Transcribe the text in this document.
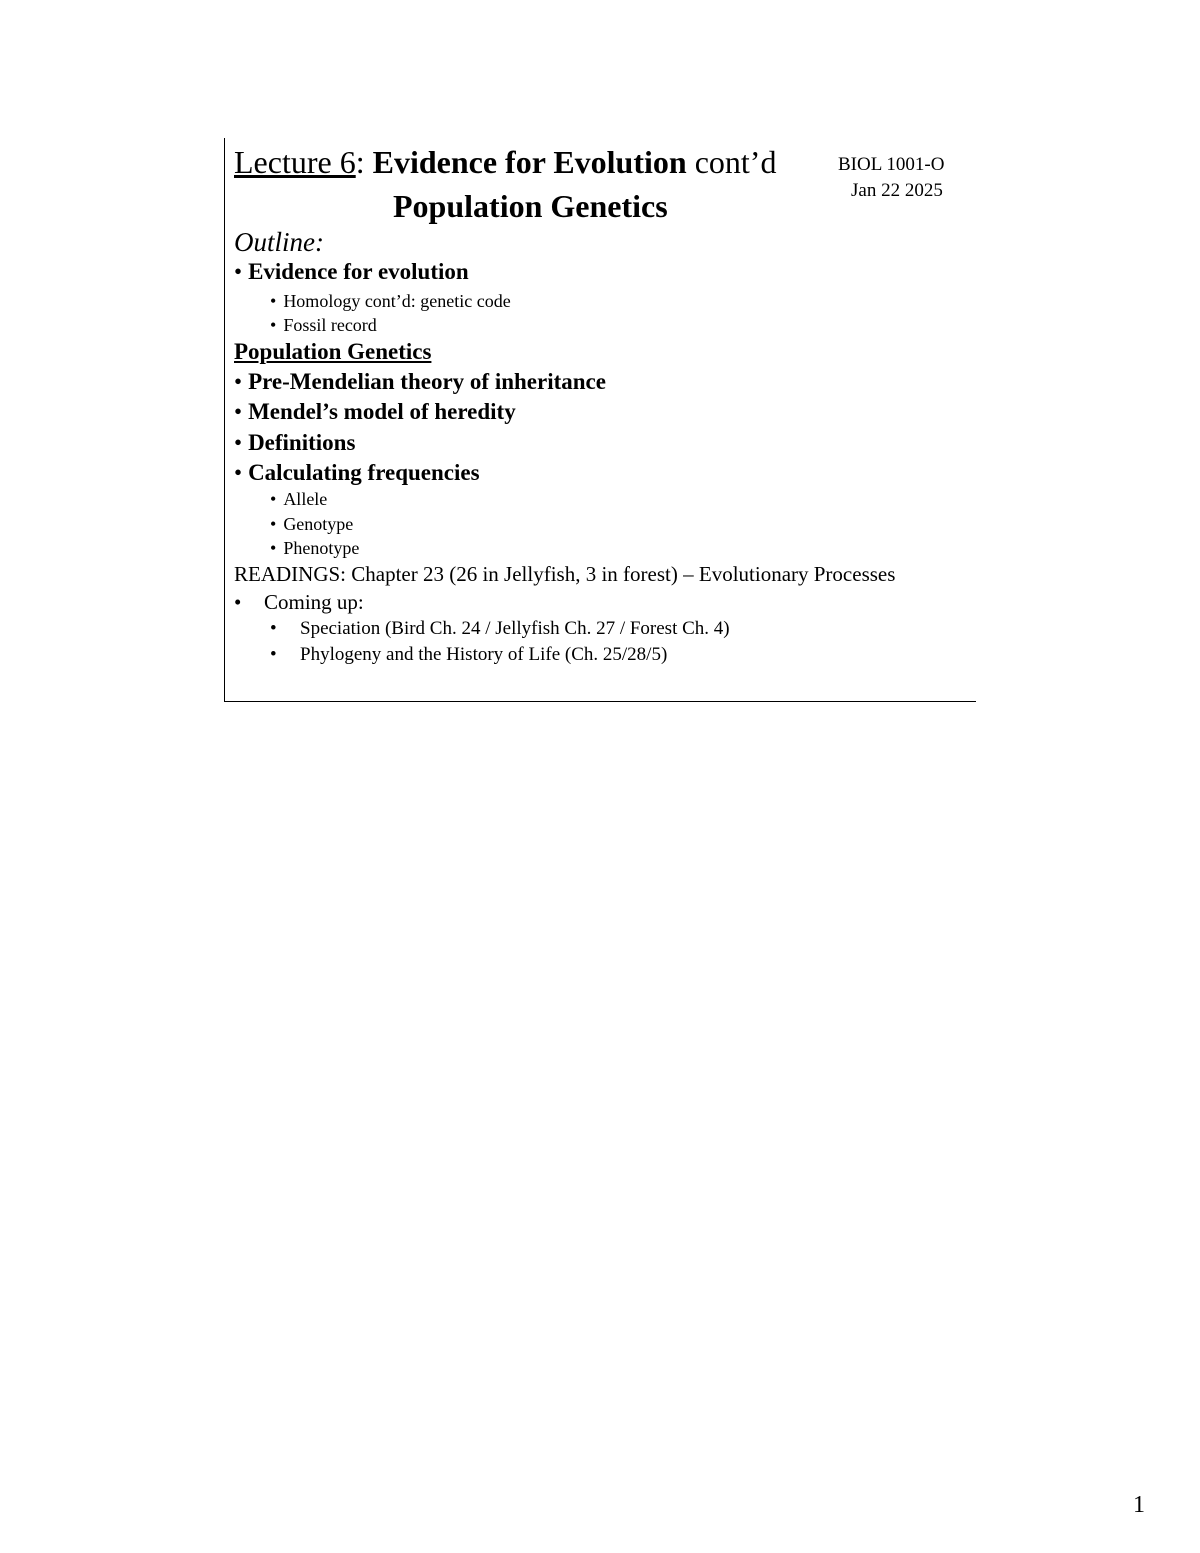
Lecture 6: Evidence for Evolution cont’d
Population Genetics
BIOL 1001-O
Jan 22 2025
Outline:
• Evidence for evolution
• Homology cont’d: genetic code
• Fossil record
Population Genetics
• Pre-Mendelian theory of inheritance
• Mendel’s model of heredity
• Definitions
• Calculating frequencies
• Allele
• Genotype
• Phenotype
READINGS: Chapter 23 (26 in Jellyfish, 3 in forest) – Evolutionary Processes
• Coming up:
• Speciation (Bird Ch. 24 / Jellyfish Ch. 27 / Forest Ch. 4)
• Phylogeny and the History of Life (Ch. 25/28/5)
1
